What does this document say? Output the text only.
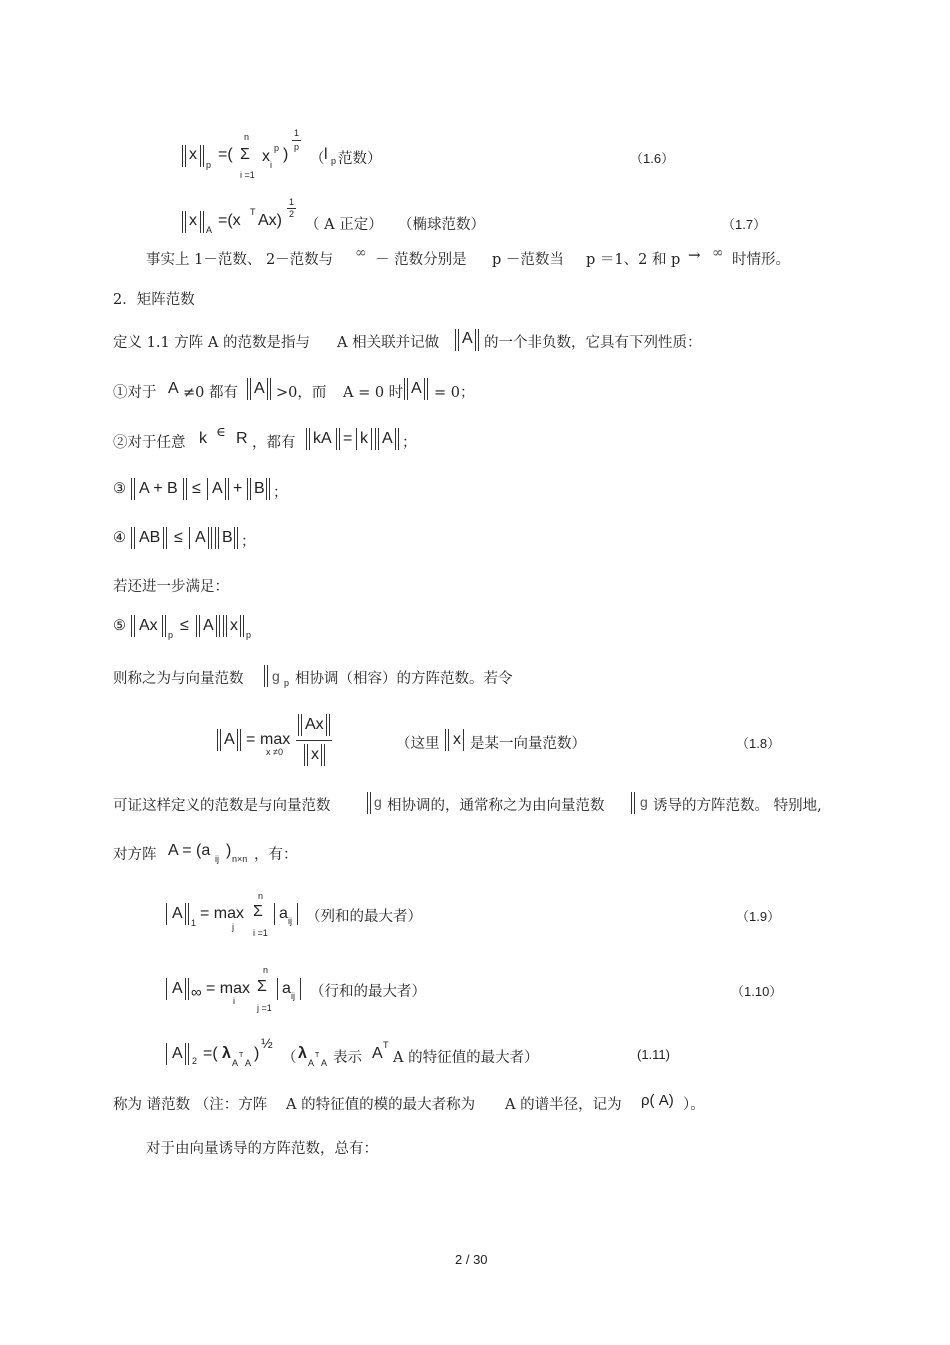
x
p
=(
n
Σ
i =1
x i
p )
1
p
（ l p 范数）	（1.6）
x
A
=(x T Ax)
1
2
（ A 正定） （椭球范数）	（1.7）
事实上 1－范数、 2－范数与 ∞ － 范数分别是 p －范数当 p ＝1、2 和 p → ∞ 时情形。
2．矩阵范数
定义 1.1 方阵 A 的范数是指与 A 相关联并记做 A 的一个非负数，它具有下列性质：
①对于 A ≠0 都有 A >0，而 A = 0 时 A = 0；
②对于任意 k ∈ R ，都有 kA = k A ；
③ A + B ≤ A + B ；
④ AB ≤ A B ；
若还进一步满足：
⑤ Ax
p
≤ A x
p
则称之为与向量范数 g p 相协调（相容）的方阵范数。若令
A = max
x ≠0
Ax
x
（这里 x 是某一向量范数）	（1.8）
可证这样定义的范数是与向量范数	g 相协调的，通常称之为由向量范数	g 诱导的方阵范数。 特别地,
对方阵 A = (a ij ) n×n ，有：
A
1
= max
j
n
Σ
i =1
a ij （列和的最大者）	（1.9）
A ∞ = max
i
n
Σ
j =1
a ij （行和的最大者）	（1.10）
A 2 =( λ
A
T
A
)
½
（ λ
A
T
A 表示 A T
A 的特征值的最大者）	(1.11)
称为 谱范数 （注：方阵 A 的特征值的模的最大者称为 A 的谱半径，记为 ρ( A) ）。
对于由向量诱导的方阵范数，总有：
2 / 30
